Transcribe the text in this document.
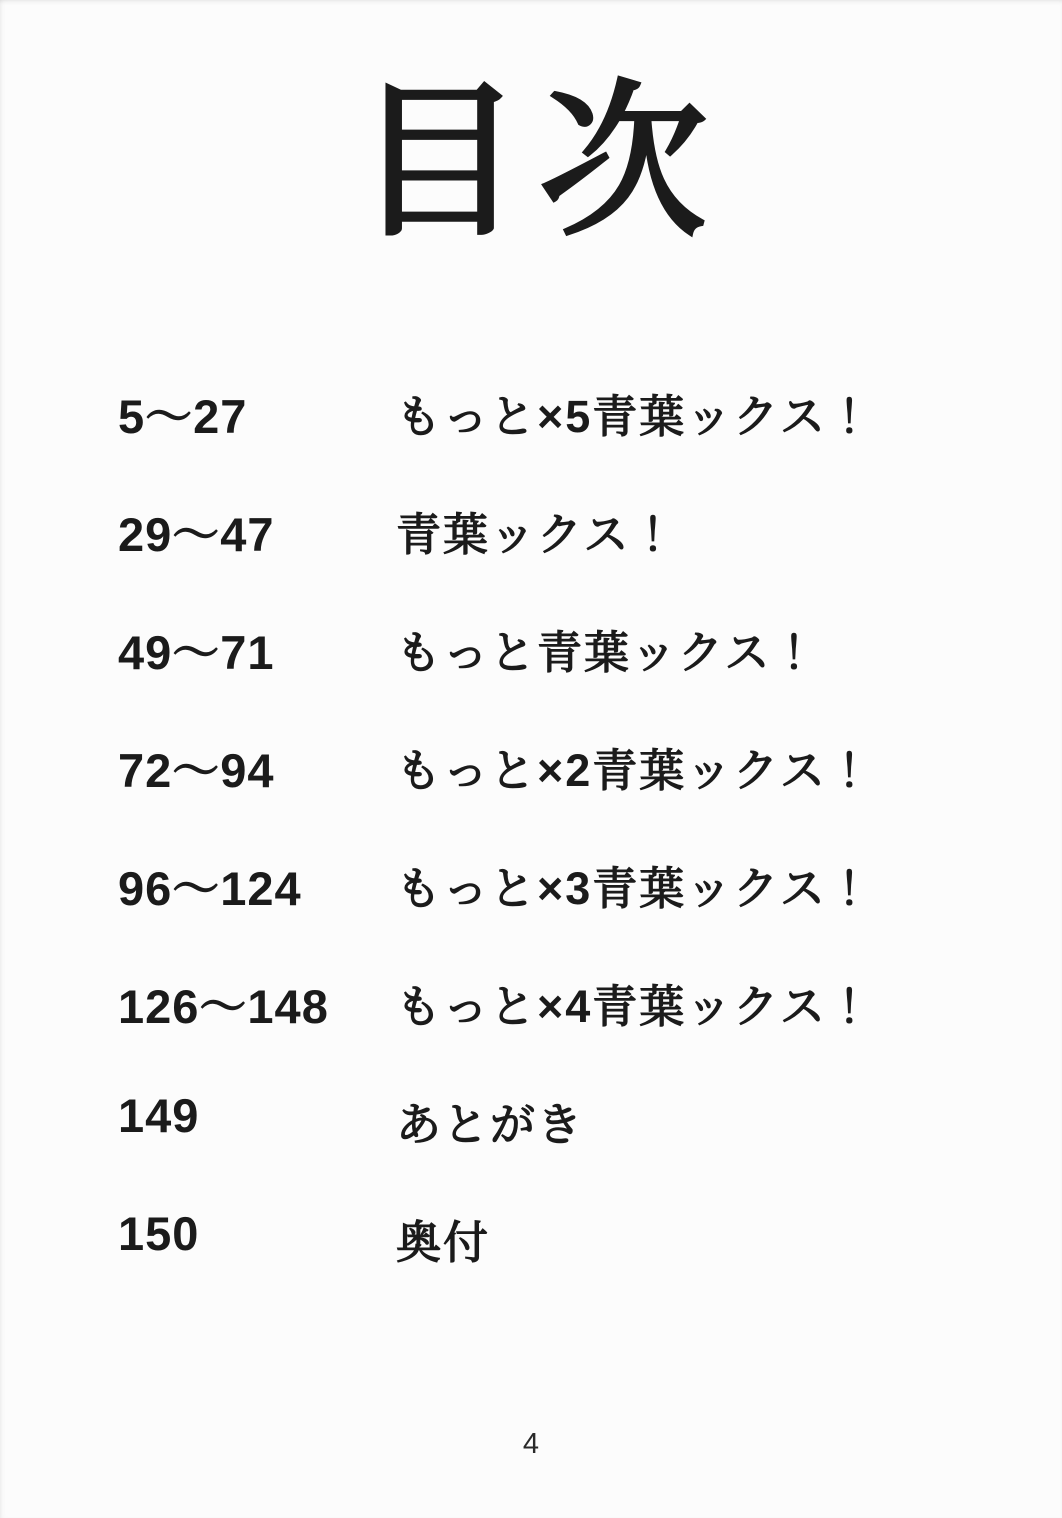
目次
5〜27	もっと×5青葉ックス！
29〜47	青葉ックス！
49〜71	もっと青葉ックス！
72〜94	もっと×2青葉ックス！
96〜124	もっと×3青葉ックス！
126〜148	もっと×4青葉ックス！
149	あとがき
150	奥付
4
